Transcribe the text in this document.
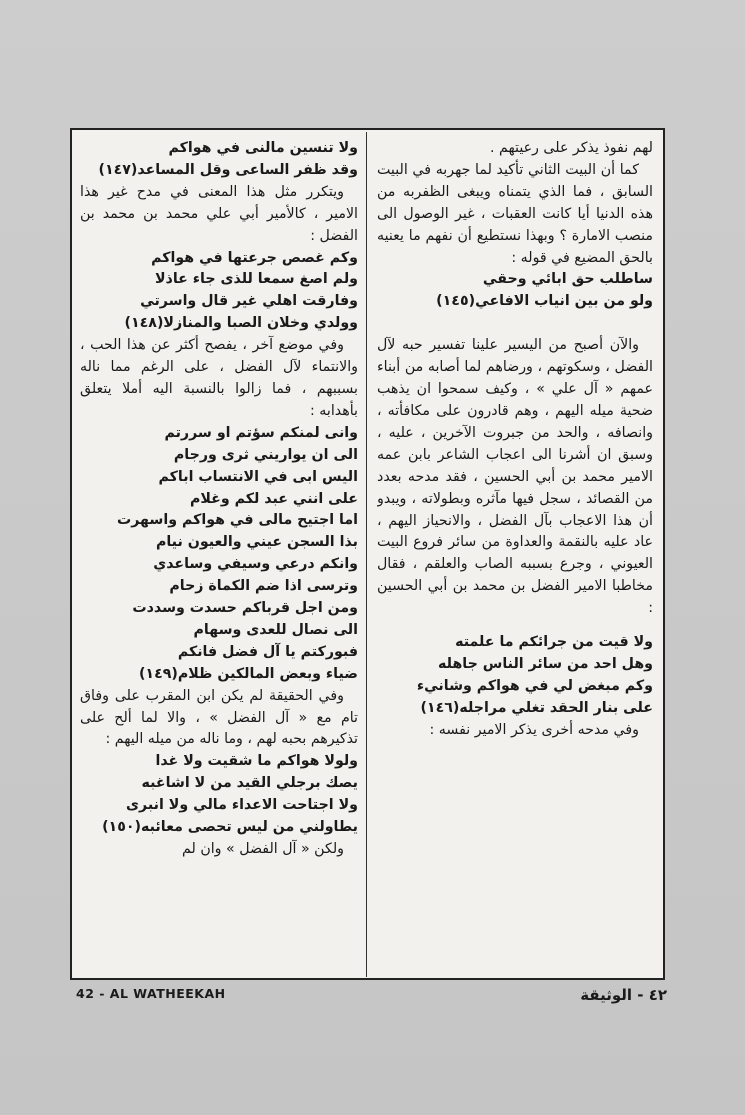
لهم نفوذ يذكر على رعيتهم .

كما أن البيت الثاني تأكيد لما جهربه في البيت السابق ، فما الذي يتمناه ويبغى الظفربه من هذه الدنيا أيا كانت العقبات ، غير الوصول الى منصب الامارة ؟ وبهذا نستطيع أن نفهم ما يعنيه بالحق المضيع في قوله :

ساطلب حق ابائي وحقي

ولو من بين انياب الافاعي(١٤٥)

والآن أصبح من اليسير علينا تفسير حبه لآل الفضل ، وسكوتهم ، ورضاهم لما أصابه من أبناء عمهم « آل علي » ، وكيف سمحوا ان يذهب ضحية ميله اليهم ، وهم قادرون على مكافأته ، وانصافه ، والحد من جبروت الآخرين ، عليه ، وسبق ان أشرنا الى اعجاب الشاعر بابن عمه الامير محمد بن أبي الحسين ، فقد مدحه بعدد من القصائد ، سجل فيها مآثره وبطولاته ، ويبدو أن هذا الاعجاب بآل الفضل ، والانحياز اليهم ، عاد عليه بالنقمة والعداوة من سائر فروع البيت العيوني ، وجرع بسببه الصاب والعلقم ، فقال مخاطبا الامير الفضل بن محمد بن أبي الحسين :

ولا قيت من جرائكم ما علمته

وهل احد من سائر الناس جاهله

وكم مبغض لي في هواكم وشانيء

على بنار الحقد تغلي مراجله(١٤٦)

وفي مدحه أخرى يذكر الامير نفسه :

ولا تنسين مالنى في هواكم

وقد ظفر الساعى وقل المساعد(١٤٧)

ويتكرر مثل هذا المعنى في مدح غير هذا الامير ، كالأمير أبي علي محمد بن محمد بن الفضل :

وكم غصص جرعتها في هواكم

ولم اصغ سمعا للذى جاء عاذلا

وفارقت اهلي غير قال واسرتي

وولدي وخلان الصبا والمنازلا(١٤٨)

وفي موضع آخر ، يفصح أكثر عن هذا الحب ، والانتماء لآل الفضل ، على الرغم مما ناله بسببهم ، فما زالوا بالنسبة اليه أملا يتعلق بأهدابه :

وانى لمنكم سؤتم او سررتم

الى ان يواريني ثرى ورجام

اليس ابى في الانتساب اباكم

على انني عبد لكم وغلام

اما اجتيح مالى في هواكم واسهرت

بذا السجن عيني والعيون نيام

وانكم درعي وسيفي وساعدي

وترسى اذا ضم الكماة زحام

ومن اجل قرباكم حسدت وسددت

الى نصال للعدى وسهام

فبوركتم يا آل فضل فانكم

ضياء وبعض المالكين ظلام(١٤٩)

وفي الحقيقة لم يكن ابن المقرب على وفاق تام مع « آل الفضل » ، والا لما ألح على تذكيرهم بحبه لهم ، وما ناله من ميله اليهم :

ولولا هواكم ما شقيت ولا غدا

يصك برجلي القيد من لا اشاغبه

ولا اجتاحت الاعداء مالي ولا انبرى

يطاولني من ليس تحصى معائبه(١٥٠)

ولكن « آل الفضل » وان لم

42 - AL WATHEEKAH	٤٢ - الوثيقة
